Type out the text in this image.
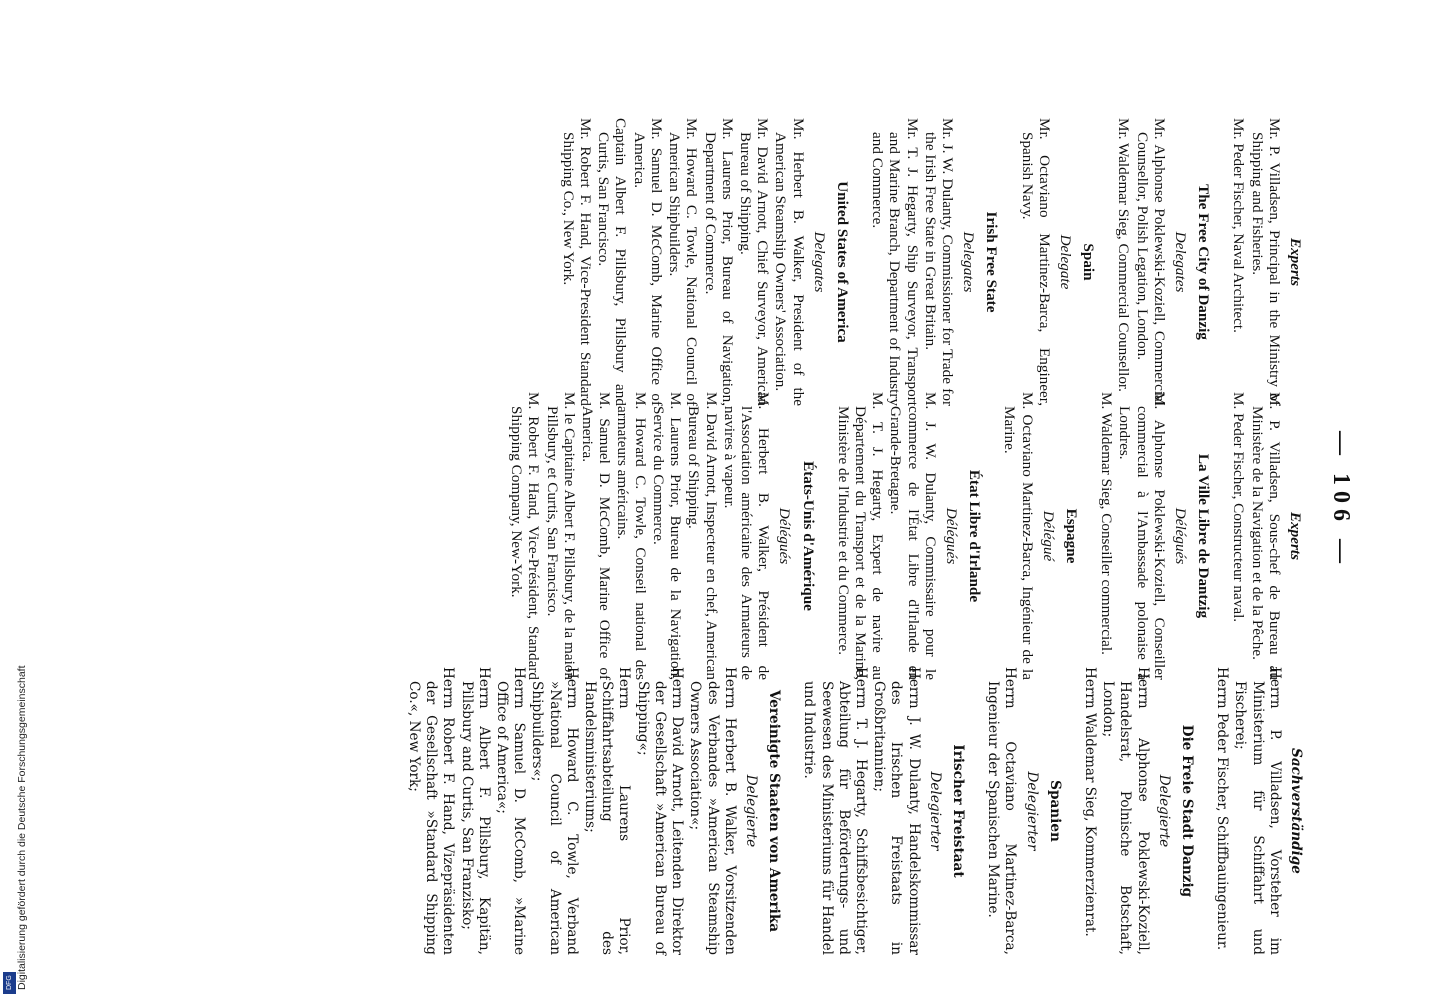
— 106 —
Experts
Mr. P. Villadsen, Principal in the Ministry of Shipping and Fisheries.
Mr. Peder Fischer, Naval Architect.
The Free City of Danzig
Delegates
Mr. Alphonse Poklewski-Koziell, Commercial Counsellor, Polish Legation, London.
Mr. Waldemar Sieg, Commercial Counsellor.
Spain
Delegate
Mr. Octaviano Martinez-Barca, Engineer, Spanish Navy.
Irish Free State
Delegates
Mr. J. W. Dulanty, Commissioner for Trade for the Irish Free State in Great Britain.
Mr. T. J. Hegarty, Ship Surveyor, Transport and Marine Branch, Department of Industry and Commerce.
United States of America
Delegates
Mr. Herbert B. Walker, President of the American Steamship Owners' Association.
Mr. David Arnott, Chief Surveyor, American Bureau of Shipping.
Mr. Laurens Prior, Bureau of Navigation, Department of Commerce.
Mr. Howard C. Towle, National Council of American Shipbuilders.
Mr. Samuel D. McComb, Marine Office of America.
Captain Albert F. Pillsbury, Pillsbury and Curtis, San Francisco.
Mr. Robert F. Hand, Vice-President Standard Shipping Co., New York.
Experts
M. P. Villadsen, Sous-chef de Bureau au Ministère de la Navigation et de la Pêche.
M. Peder Fischer, Constructeur naval.
La Ville Libre de Dantzig
Délégués
M. Alphonse Poklewski-Koziell, Conseiller commercial à l'Ambassade polonaise à Londres.
M. Waldemar Sieg, Conseiller commercial.
Espagne
Délégué
M. Octaviano Martinez-Barca, Ingénieur de la Marine.
État Libre d'Irlande
Délégués
M. J. W. Dulanty, Commissaire pour le commerce de l'État Libre d'Irlande en Grande-Bretagne.
M. T. J. Hegarty, Expert de navire au Département du Transport et de la Marine, Ministère de l'Industrie et du Commerce.
États-Unis d'Amérique
Délégués
M. Herbert B. Walker, Président de l'Association américaine des Armateurs de navires à vapeur.
M. David Arnott, Inspecteur en chef, American Bureau of Shipping.
M. Laurens Prior, Bureau de la Navigation, Service du Commerce.
M. Howard C. Towle, Conseil national des armateurs américains.
M. Samuel D. McComb, Marine Office of America.
M. le Capitaine Albert F. Pillsbury, de la maion Pillsbury, et Curtis, San Francisco.
M. Robert F. Hand, Vice-Président, Standard Shipping Company, New-York.
Sachverständige
Herrn P. Villadsen, Vorsteher im Ministerium für Schiffahrt und Fischerei;
Herrn Peder Fischer, Schiffbauingenieur.
Die Freie Stadt Danzig
Delegierte
Herrn Alphonse Poklewski-Koziell, Handelsrat, Polnische Botschaft, London;
Herrn Waldemar Sieg, Kommerzienrat.
Spanien
Delegierter
Herrn Octaviano Martinez-Barca, Ingenieur der Spanischen Marine.
Irischer Freistaat
Delegierter
Herrn J. W. Dulanty, Handelskommissar des Irischen Freistaats in Großbritannien;
Herrn T. J. Hegarty, Schiffsbesichtiger, Abteilung für Beförderungs- und Seewesen des Ministeriums für Handel und Industrie.
Vereinigte Staaten von Amerika
Delegierte
Herrn Herbert B. Walker, Vorsitzenden des Verbandes »American Steamship Owners Association«;
Herrn David Arnott, Leitenden Direktor der Gesellschaft »American Bureau of Shipping«;
Herrn Laurens Prior, Schiffahrtsabteilung des Handelsministeriums;
Herrn Howard C. Towle, Verband »National Council of American Shipbuilders«;
Herrn Samuel D. McComb, »Marine Office of America«;
Herrn Albert F. Pillsbury, Kapitän, Pillsbury and Curtis, San Franzisko;
Herrn Robert F. Hand, Vizepräsidenten der Gesellschaft »Standard Shipping Co.«, New York;
Digitalisierung gefördert durch die Deutsche Forschungsgemeinschaft
DFG
